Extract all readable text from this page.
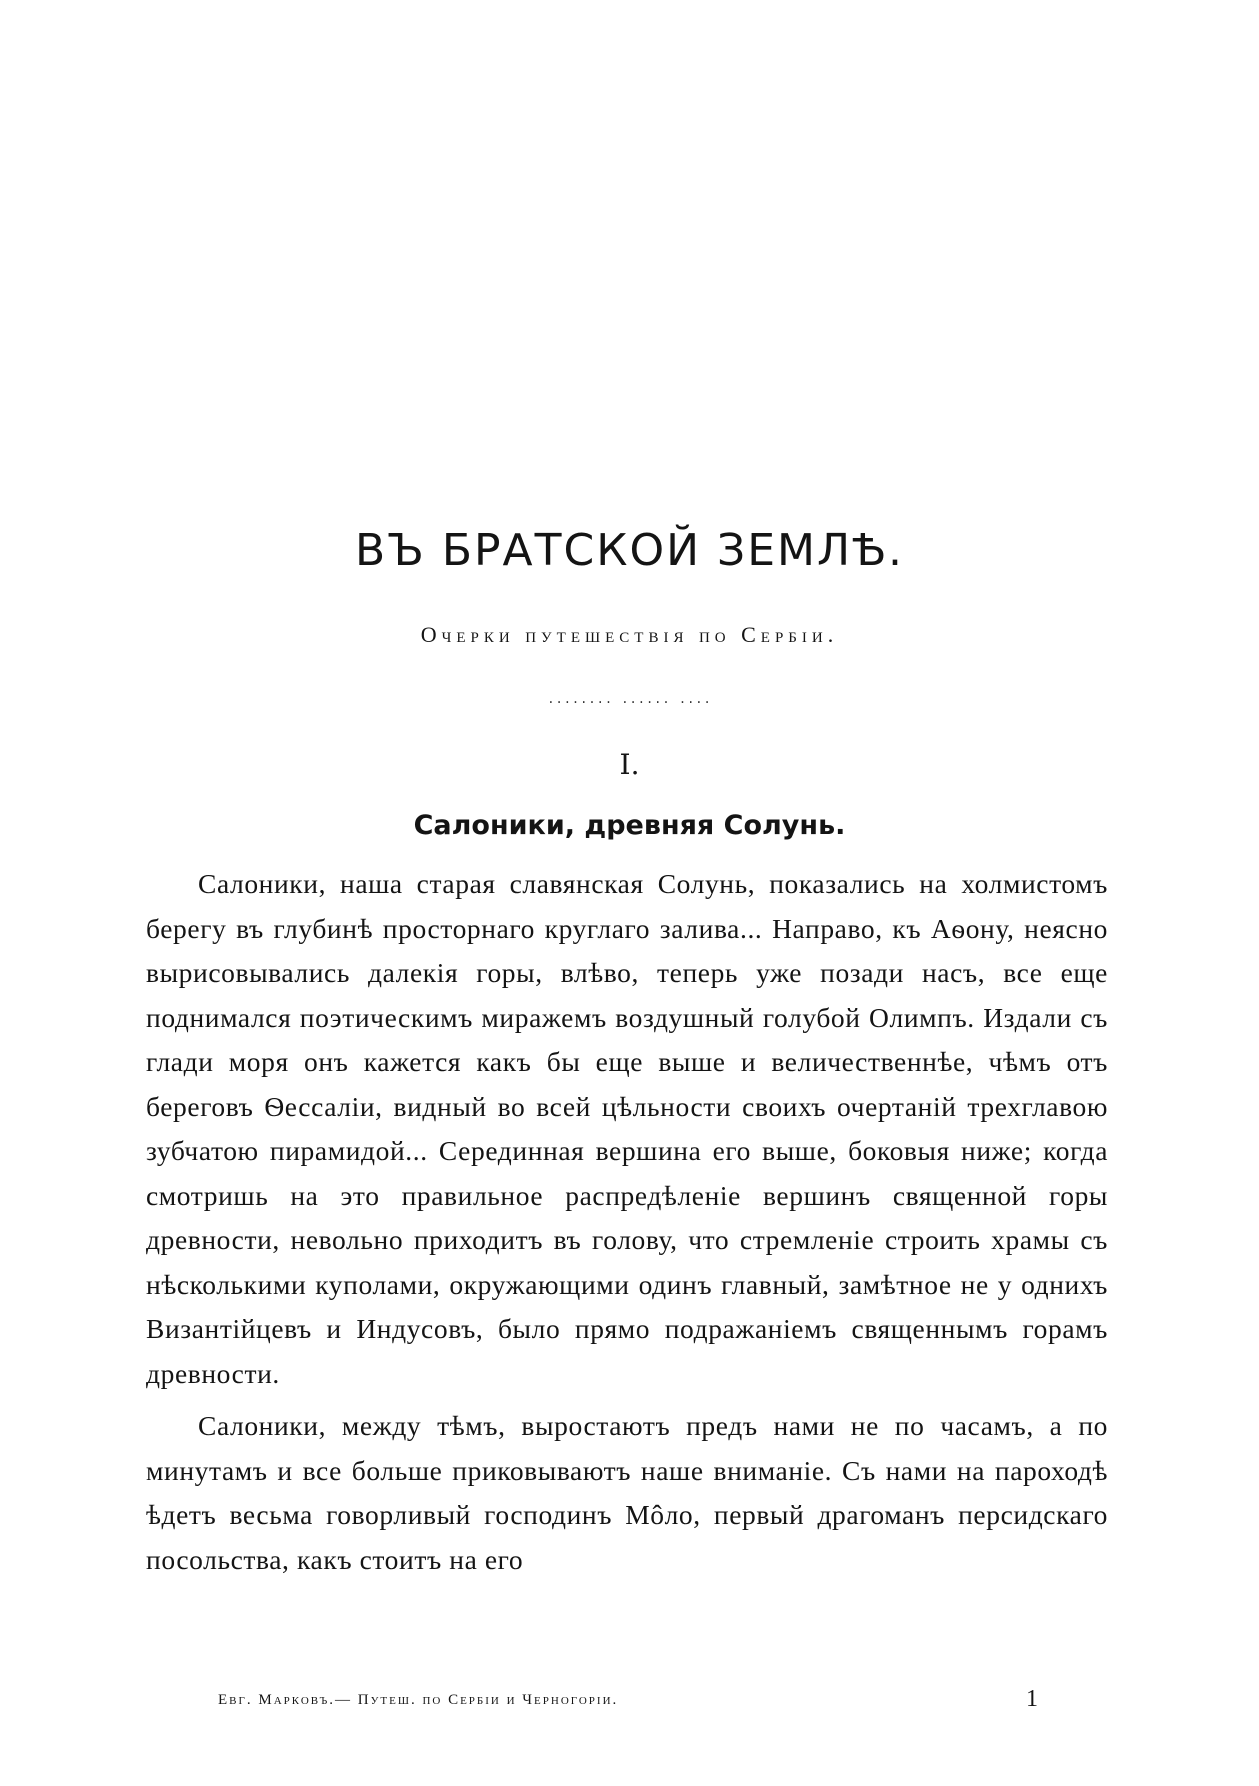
ВЪ БРАТСКОЙ ЗЕМЛѢ.
Очерки путешествія по Сербіи.
........ ...... ....
I.
Салоники, древняя Солунь.

Салоники, наша старая славянская Солунь, показались на холмистомъ берегу въ глубинѣ просторнаго круглаго залива... Направо, къ Аѳону, неясно вырисовывались далекія горы, влѣво, теперь уже позади насъ, все еще поднимался поэтическимъ миражемъ воздушный голубой Олимпъ. Издали съ глади моря онъ кажется какъ бы еще выше и величественнѣе, чѣмъ отъ береговъ Ѳессаліи, видный во всей цѣльности своихъ очертаній трехглавою зубчатою пирамидой... Серединная вершина его выше, боковыя ниже; когда смотришь на это правильное распредѣленіе вершинъ священной горы древности, невольно приходитъ въ голову, что стремленіе строить храмы съ нѣсколькими куполами, окружающими одинъ главный, замѣтное не у однихъ Византійцевъ и Индусовъ, было прямо подражаніемъ священнымъ горамъ древности.

Салоники, между тѣмъ, выростаютъ предъ нами не по часамъ, а по минутамъ и все больше приковываютъ наше вниманіе. Съ нами на пароходѣ ѣдетъ весьма говорливый господинъ Мôло, первый драгоманъ персидскаго посольства, какъ стоитъ на его

Евг. Марковъ.— Путеш. по Сербіи и Черногоріи.	1
